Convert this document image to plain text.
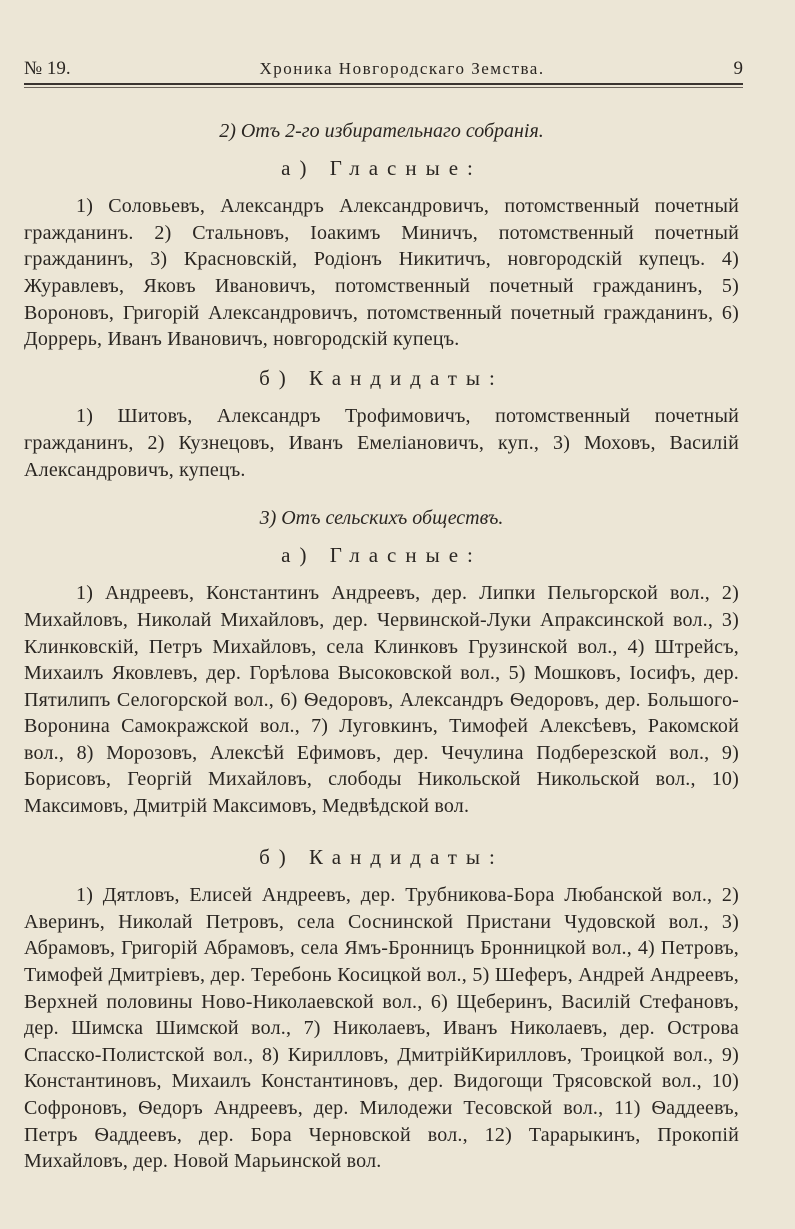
№ 19.	Хроника Новгородскаго Земства.	9
2) Отъ 2-го избирательнаго собранія.
а) Гласные:

1) Соловьевъ, Александръ Александровичъ, потомственный почетный гражданинъ. 2) Стальновъ, Іоакимъ Миничъ, потомственный почетный гражданинъ, 3) Красновскій, Родіонъ Никитичъ, новгородскій купецъ. 4) Журавлевъ, Яковъ Ивановичъ, потомственный почетный гражданинъ, 5) Вороновъ, Григорій Александровичъ, потомственный почетный гражданинъ, 6) Доррерь, Иванъ Ивановичъ, новгородскій купецъ.

б) Кандидаты:

1) Шитовъ, Александръ Трофимовичъ, потомственный почетный гражданинъ, 2) Кузнецовъ, Иванъ Емеліановичъ, куп., 3) Моховъ, Василій Александровичъ, купецъ.

3) Отъ сельскихъ обществъ.
а) Гласные:

1) Андреевъ, Константинъ Андреевъ, дер. Липки Пельгорской вол., 2) Михайловъ, Николай Михайловъ, дер. Червинской-Луки Апраксинской вол., 3) Клинковскій, Петръ Михайловъ, села Клинковъ Грузинской вол., 4) Штрейсъ, Михаилъ Яковлевъ, дер. Горѣлова Высоковской вол., 5) Мошковъ, Іосифъ, дер. Пятилипъ Селогорской вол., 6) Ѳедоровъ, Александръ Ѳедоровъ, дер. Большого-Воронина Самокражской вол., 7) Луговкинъ, Тимофей Алексѣевъ, Ракомской вол., 8) Морозовъ, Алексѣй Ефимовъ, дер. Чечулина Подберезской вол., 9) Борисовъ, Георгій Михайловъ, слободы Никольской Никольской вол., 10) Максимовъ, Дмитрій Максимовъ, Медвѣдской вол.

б) Кандидаты:

1) Дятловъ, Елисей Андреевъ, дер. Трубникова-Бора Любанской вол., 2) Аверинъ, Николай Петровъ, села Соснинской Пристани Чудовской вол., 3) Абрамовъ, Григорій Абрамовъ, села Ямъ-Бронницъ Бронницкой вол., 4) Петровъ, Тимофей Дмитріевъ, дер. Теребонь Косицкой вол., 5) Шеферъ, Андрей Андреевъ, Верхней половины Ново-Николаевской вол., 6) Щеберинъ, Василій Стефановъ, дер. Шимска Шимской вол., 7) Николаевъ, Иванъ Николаевъ, дер. Острова Спасско-Полистской вол., 8) Кирилловъ, ДмитрійКирилловъ, Троицкой вол., 9) Константиновъ, Михаилъ Константиновъ, дер. Видогощи Трясовской вол., 10) Софроновъ, Ѳедоръ Андреевъ, дер. Милодежи Тесовской вол., 11) Ѳаддеевъ, Петръ Ѳаддеевъ, дер. Бора Черновской вол., 12) Тарарыкинъ, Прокопій Михайловъ, дер. Новой Марьинской вол.
